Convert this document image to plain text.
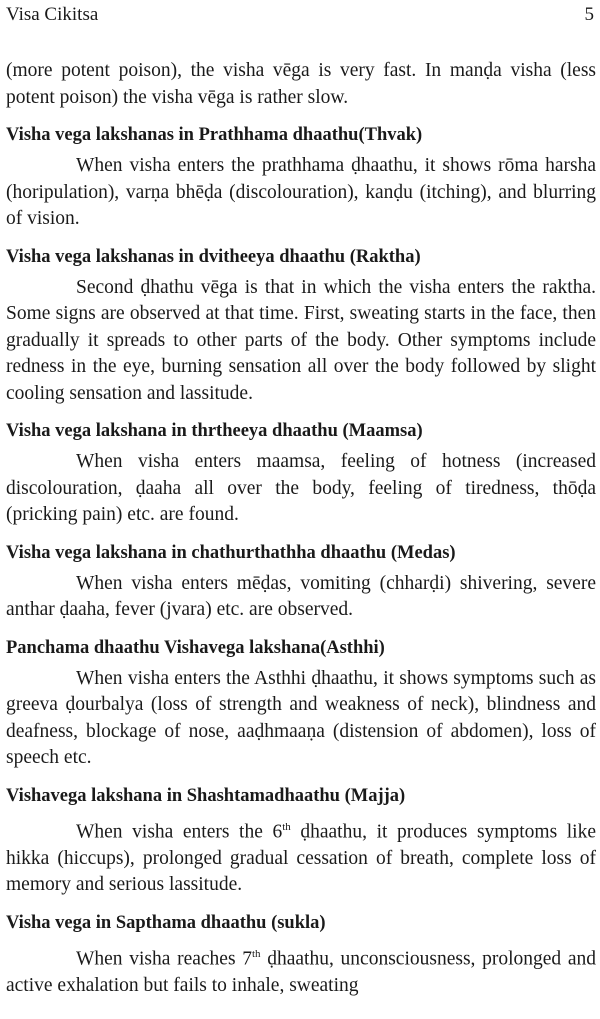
Visa Cikitsa	5

(more potent poison), the visha vēga is very fast. In manḍa visha (less potent poison) the visha vēga is rather slow.

Visha vega lakshanas in Prathhama dhaathu(Thvak)

When visha enters the prathhama ḍhaathu, it shows rōma harsha (horipulation), varṇa bhēḍa (discolouration), kanḍu (itching), and blurring of vision.

Visha vega lakshanas in dvitheeya dhaathu (Raktha)

Second ḍhathu vēga is that in which the visha enters the raktha. Some signs are observed at that time. First, sweating starts in the face, then gradually it spreads to other parts of the body. Other symptoms include redness in the eye, burning sensation all over the body followed by slight cooling sensation and lassitude.

Visha vega lakshana in thrtheeya dhaathu (Maamsa)

When visha enters maamsa, feeling of hotness (increased discolouration, ḍaaha all over the body, feeling of tiredness, thōḍa (pricking pain) etc. are found.

Visha vega lakshana in chathurthathha dhaathu (Medas)

When visha enters mēḍas, vomiting (chharḍi) shivering, severe anthar ḍaaha, fever (jvara) etc. are observed.

Panchama dhaathu Vishavega lakshana(Asthhi)

When visha enters the Asthhi ḍhaathu, it shows symptoms such as greeva ḍourbalya (loss of strength and weakness of neck), blindness and deafness, blockage of nose, aaḍhmaaṇa (distension of abdomen), loss of speech etc.

Vishavega lakshana in Shashtamadhaathu (Majja)

When visha enters the 6th ḍhaathu, it produces symptoms like hikka (hiccups), prolonged gradual cessation of breath, complete loss of memory and serious lassitude.

Visha vega in Sapthama dhaathu (sukla)

When visha reaches 7th ḍhaathu, unconsciousness, prolonged and active exhalation but fails to inhale, sweating
